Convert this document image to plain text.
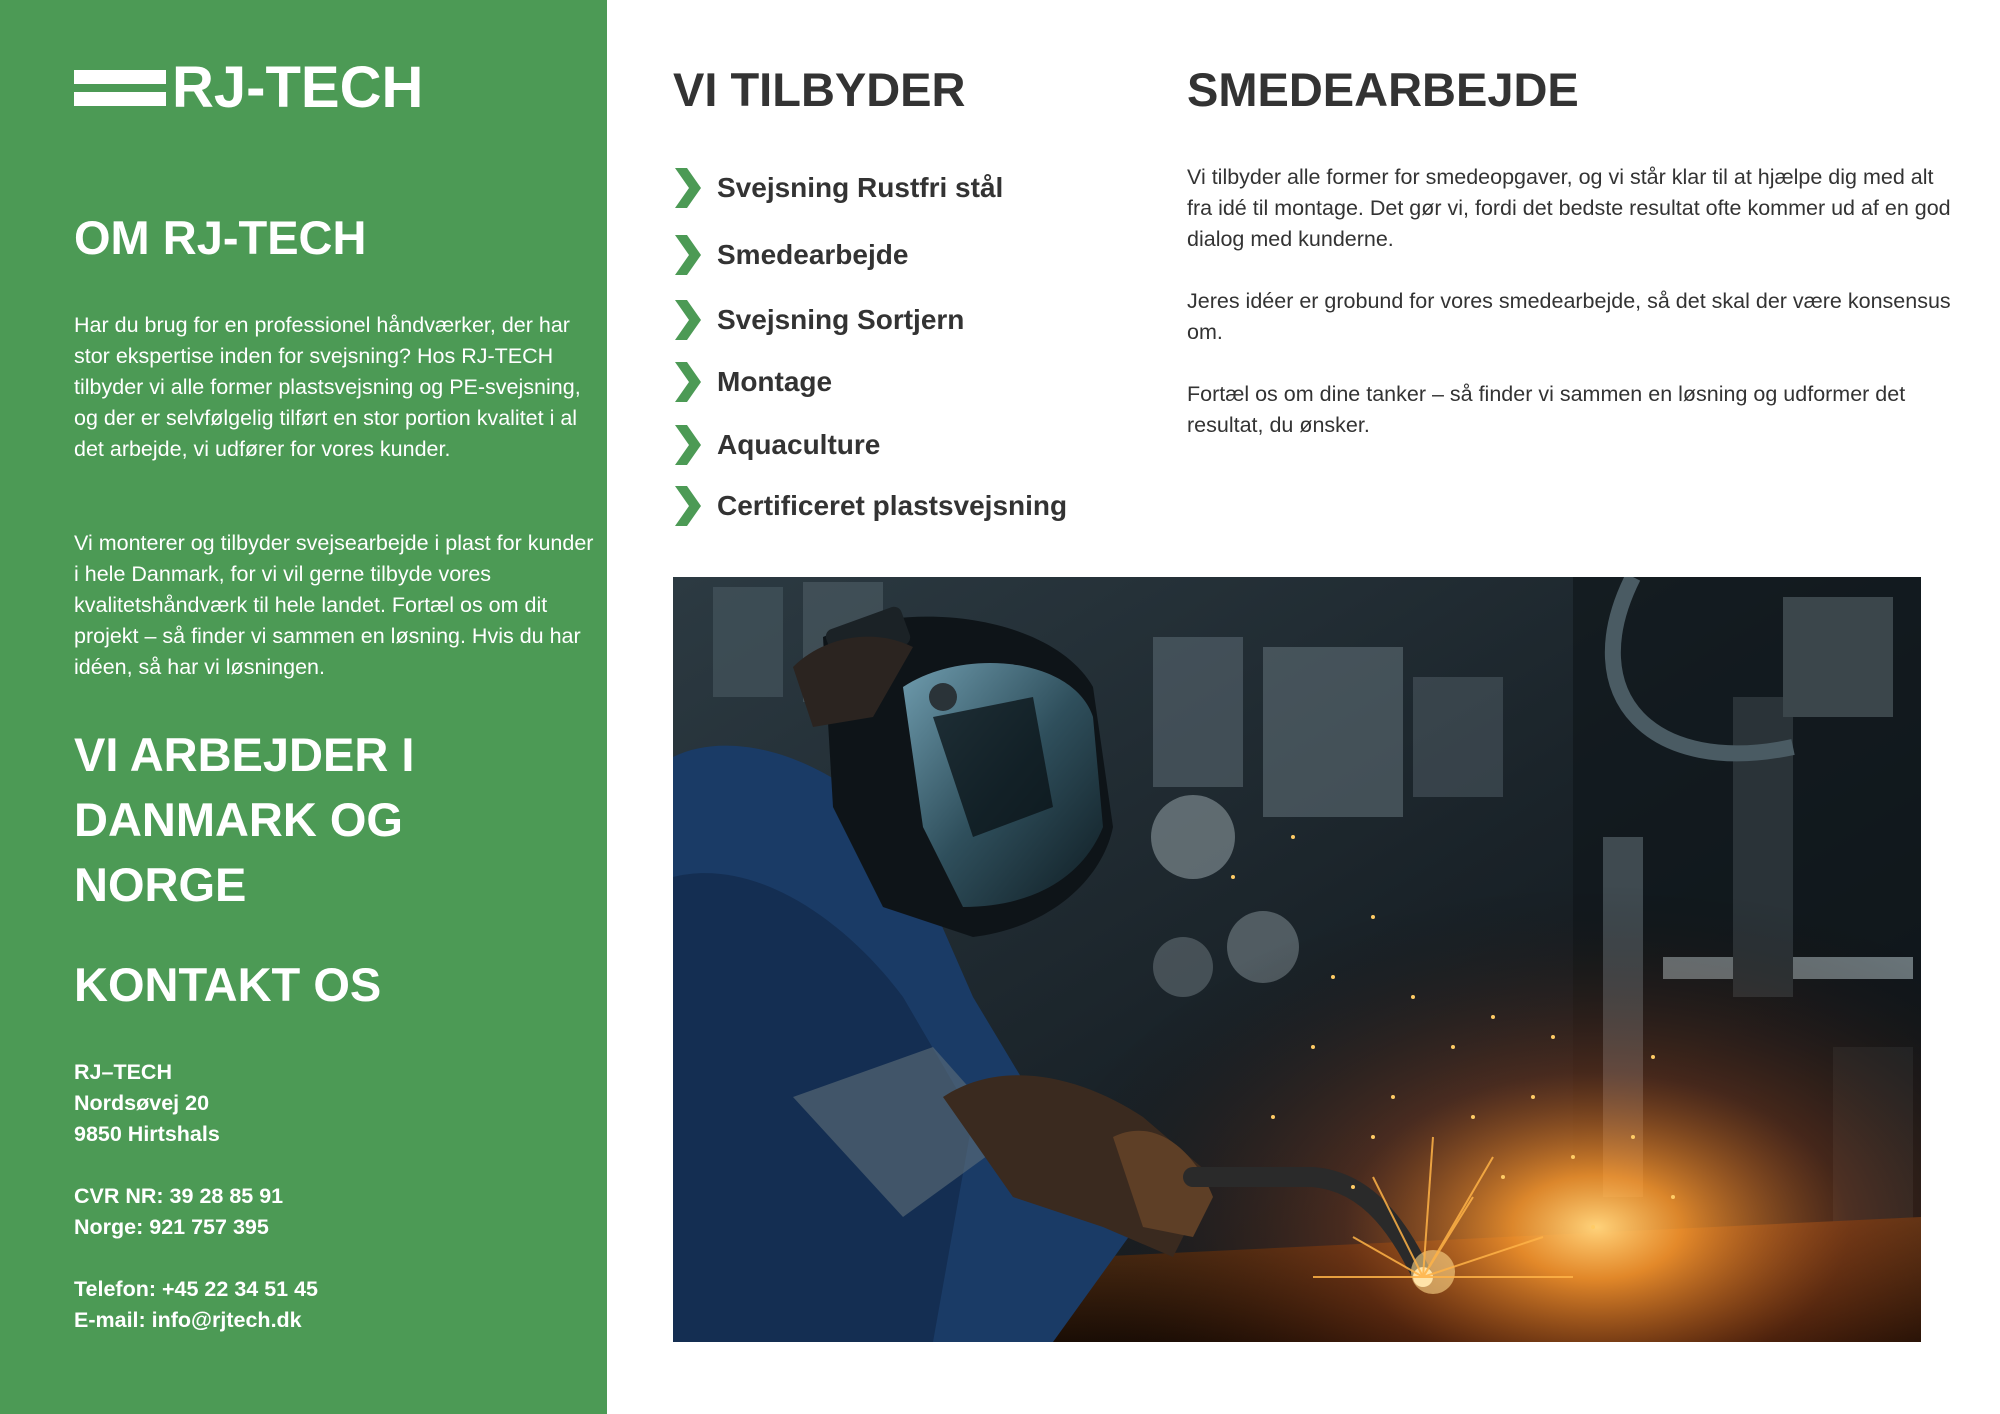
RJ-TECH
OM RJ-TECH

Har du brug for en professionel håndværker, der har stor ekspertise inden for svejsning? Hos RJ-TECH tilbyder vi alle former plastsvejsning og PE-svejsning, og der er selvfølgelig tilført en stor portion kvalitet i al det arbejde, vi udfører for vores kunder.

Vi monterer og tilbyder svejsearbejde i plast for kunder i hele Danmark, for vi vil gerne tilbyde vores kvalitetshåndværk til hele landet. Fortæl os om dit projekt – så finder vi sammen en løsning. Hvis du har idéen, så har vi løsningen.

VI ARBEJDER I
DANMARK OG
NORGE
KONTAKT OS
RJ–TECH
Nordsøvej 20
9850 Hirtshals
CVR NR: 39 28 85 91
Norge: 921 757 395
Telefon: +45 22 34 51 45
E-mail: info@rjtech.dk
VI TILBYDER
Svejsning Rustfri stål
Smedearbejde
Svejsning Sortjern
Montage
Aquaculture
Certificeret plastsvejsning
SMEDEARBEJDE

Vi tilbyder alle former for smedeopgaver, og vi står klar til at hjælpe dig med alt fra idé til montage. Det gør vi, fordi det bedste resultat ofte kommer ud af en god dialog med kunderne.

Jeres idéer er grobund for vores smedearbejde, så det skal der være konsensus om.

Fortæl os om dine tanker – så finder vi sammen en løsning og udformer det resultat, du ønsker.
